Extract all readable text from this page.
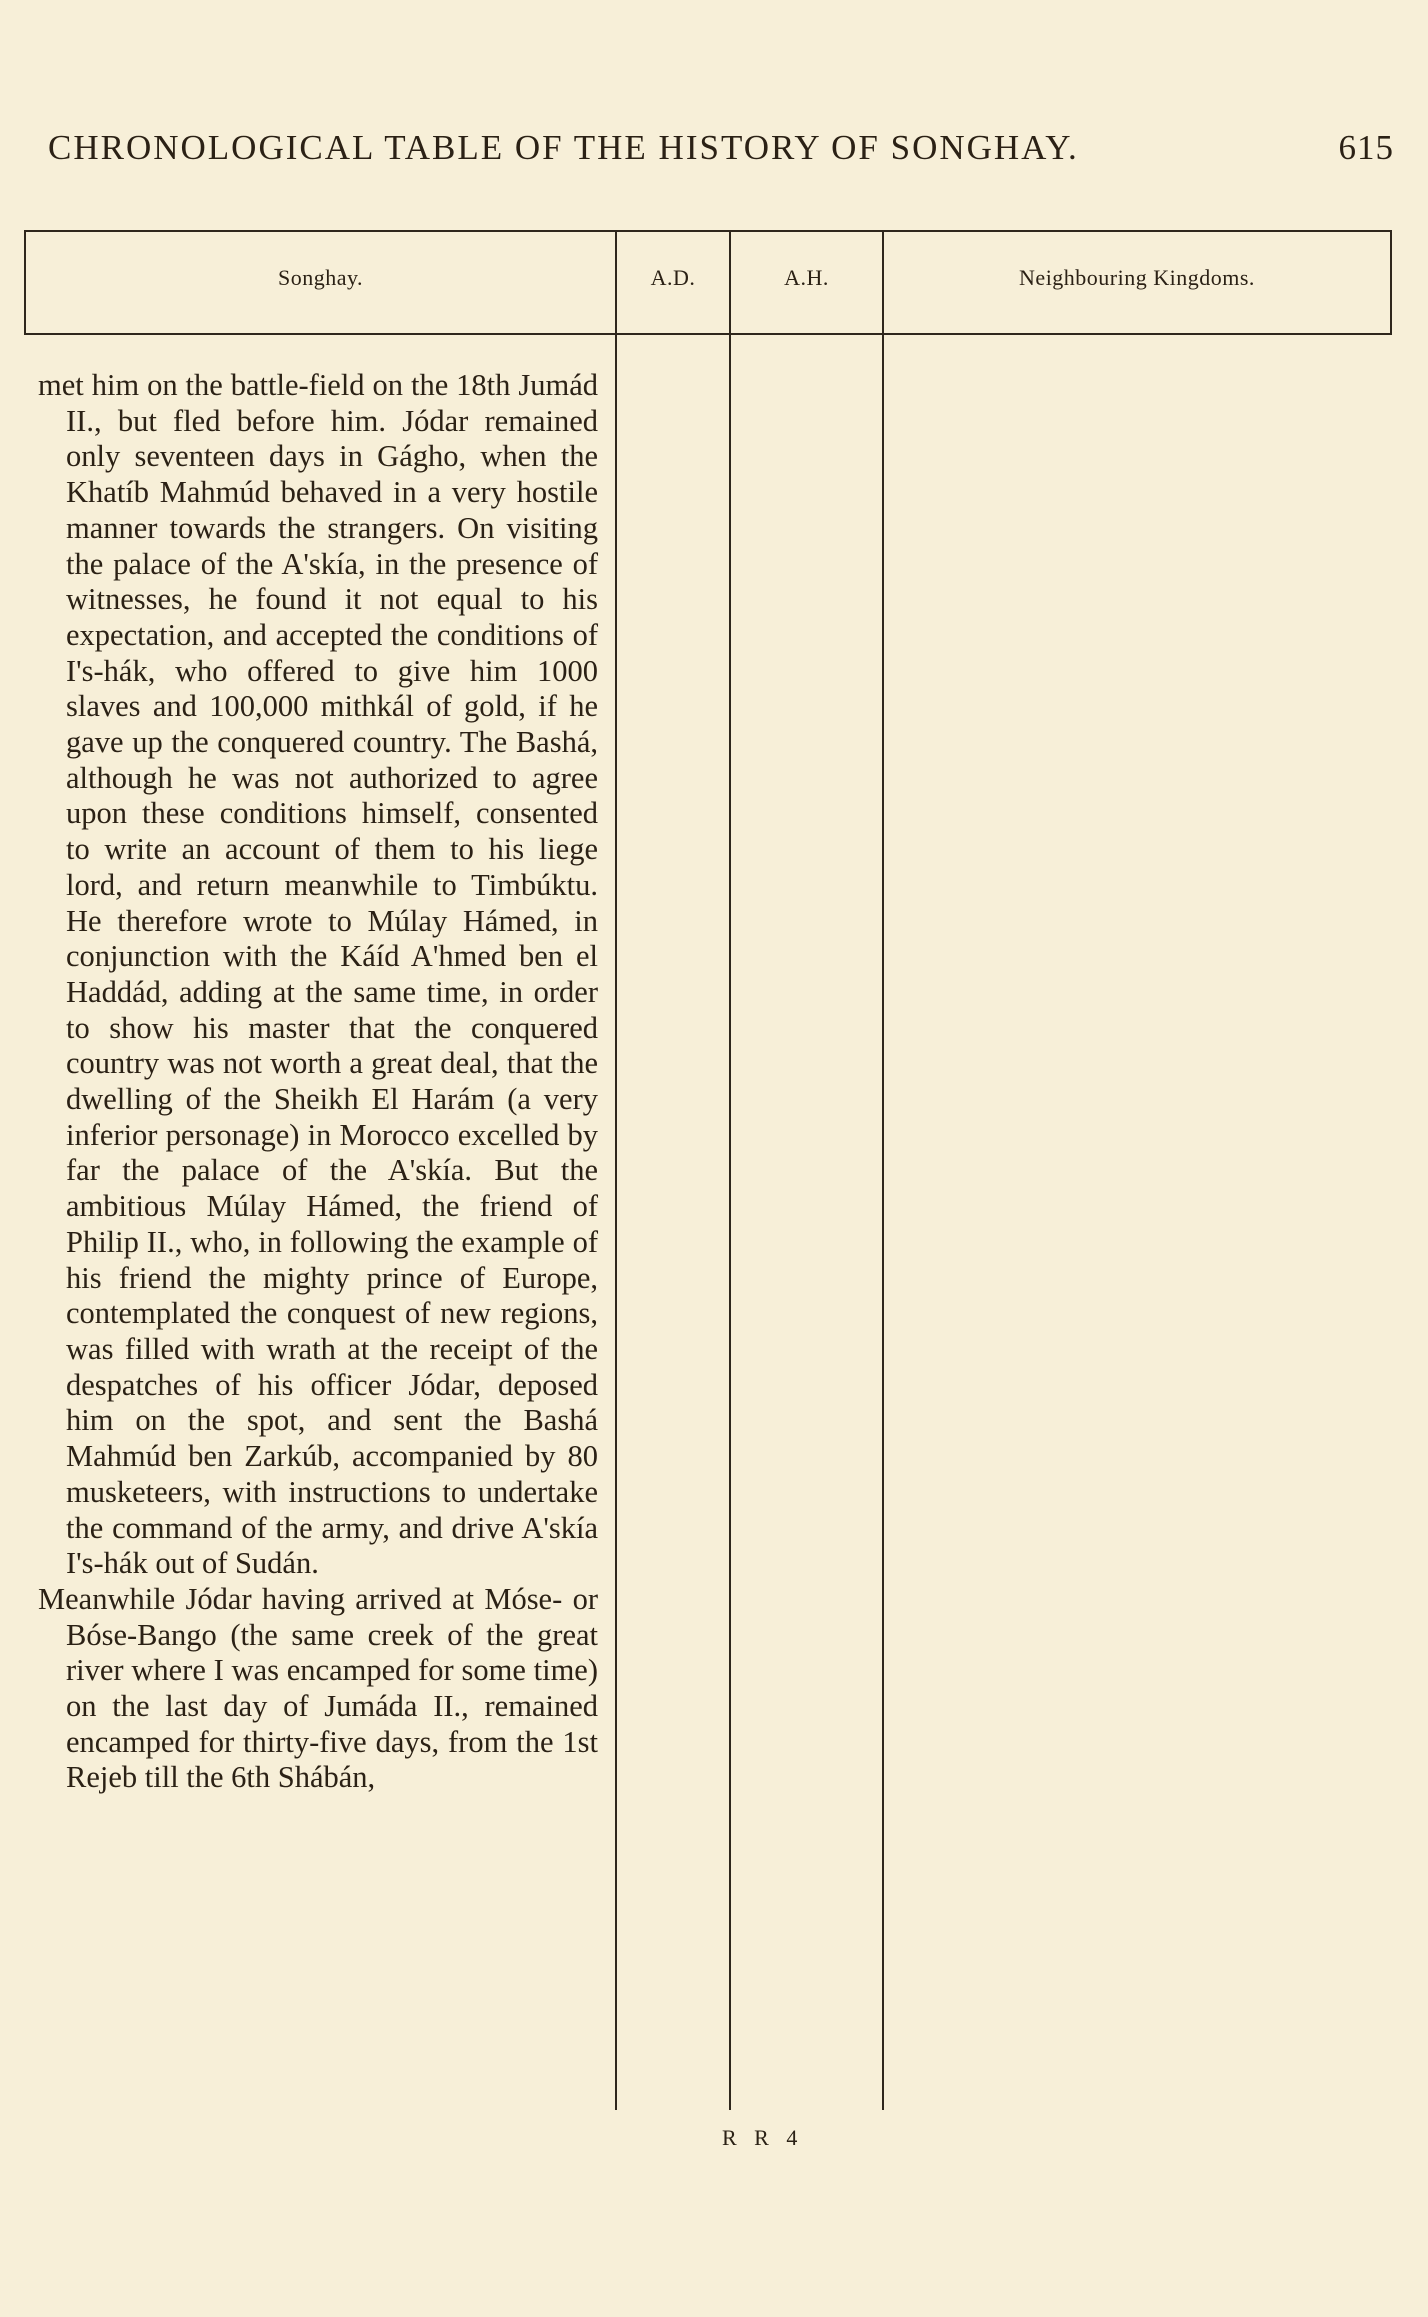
CHRONOLOGICAL TABLE OF THE HISTORY OF SONGHAY.	615
Songhay.	A.D.	A.H.	Neighbouring Kingdoms.

met him on the battle-field on the 18th Jumád II., but fled before him. Jódar remained only seventeen days in Gágho, when the Khatíb Mahmúd behaved in a very hostile manner towards the strangers. On visiting the palace of the A'skía, in the presence of witnesses, he found it not equal to his expectation, and accepted the conditions of I's-hák, who offered to give him 1000 slaves and 100,000 mithkál of gold, if he gave up the conquered country. The Bashá, although he was not authorized to agree upon these conditions himself, consented to write an account of them to his liege lord, and return meanwhile to Timbúktu. He therefore wrote to Múlay Hámed, in conjunction with the Káíd A'hmed ben el Haddád, adding at the same time, in order to show his master that the conquered country was not worth a great deal, that the dwelling of the Sheikh El Harám (a very inferior personage) in Morocco excelled by far the palace of the A'skía. But the ambitious Múlay Hámed, the friend of Philip II., who, in following the example of his friend the mighty prince of Europe, contemplated the conquest of new regions, was filled with wrath at the receipt of the despatches of his officer Jódar, deposed him on the spot, and sent the Bashá Mahmúd ben Zarkúb, accompanied by 80 musketeers, with instructions to undertake the command of the army, and drive A'skía I's-hák out of Sudán.

Meanwhile Jódar having arrived at Móse- or Bóse-Bango (the same creek of the great river where I was encamped for some time) on the last day of Jumáda II., remained encamped for thirty-five days, from the 1st Rejeb till the 6th Shábán,

R R 4
